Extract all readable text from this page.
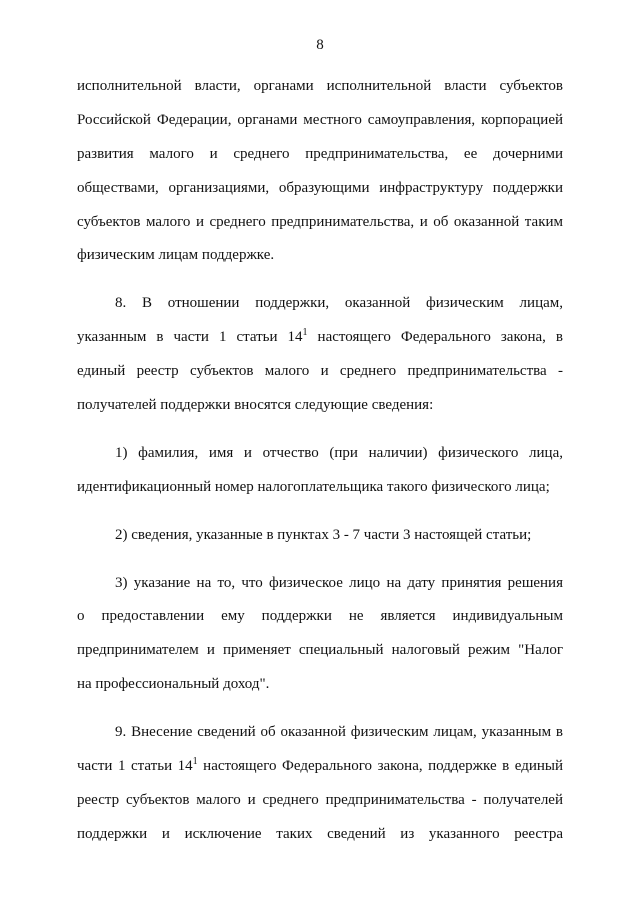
8
исполнительной власти, органами исполнительной власти субъектов
Российской Федерации, органами местного самоуправления, корпорацией
развития малого и среднего предпринимательства, ее дочерними
обществами, организациями, образующими инфраструктуру поддержки
субъектов малого и среднего предпринимательства, и об оказанной таким
физическим лицам поддержке.
8. В отношении поддержки, оказанной физическим лицам,
указанным в части 1 статьи $14^1$ настоящего Федерального закона, в
единый реестр субъектов малого и среднего предпринимательства -
получателей поддержки вносятся следующие сведения:
1) фамилия, имя и отчество (при наличии) физического лица,
идентификационный номер налогоплательщика такого физического лица;
2) сведения, указанные в пунктах 3 - 7 части 3 настоящей статьи;
3) указание на то, что физическое лицо на дату принятия решения
о предоставлении ему поддержки не является индивидуальным
предпринимателем и применяет специальный налоговый режим "Налог
на профессиональный доход".
9. Внесение сведений об оказанной физическим лицам, указанным в
части 1 статьи $14^1$ настоящего Федерального закона, поддержке в единый
реестр субъектов малого и среднего предпринимательства - получателей
поддержки и исключение таких сведений из указанного реестра
